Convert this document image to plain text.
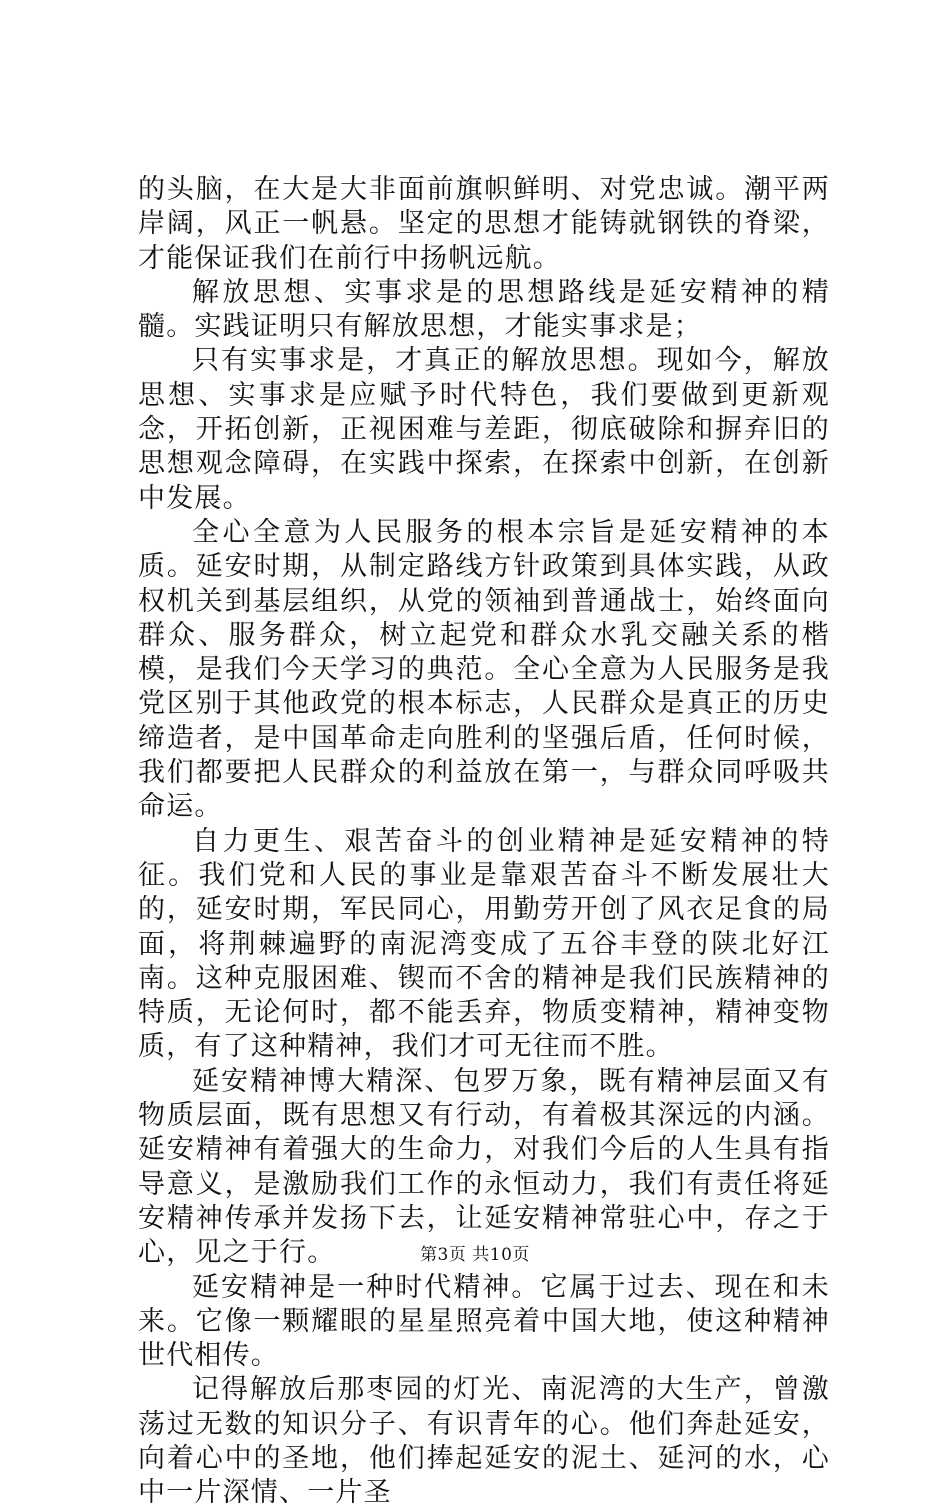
的头脑，在大是大非面前旗帜鲜明、对党忠诚。潮平两岸阔，风正一帆悬。坚定的思想才能铸就钢铁的脊梁，才能保证我们在前行中扬帆远航。

解放思想、实事求是的思想路线是延安精神的精髓。实践证明只有解放思想，才能实事求是；

只有实事求是，才真正的解放思想。现如今，解放思想、实事求是应赋予时代特色，我们要做到更新观念，开拓创新，正视困难与差距，彻底破除和摒弃旧的思想观念障碍，在实践中探索，在探索中创新，在创新中发展。

全心全意为人民服务的根本宗旨是延安精神的本质。延安时期，从制定路线方针政策到具体实践，从政权机关到基层组织，从党的领袖到普通战士，始终面向群众、服务群众，树立起党和群众水乳交融关系的楷模，是我们今天学习的典范。全心全意为人民服务是我党区别于其他政党的根本标志，人民群众是真正的历史缔造者，是中国革命走向胜利的坚强后盾，任何时候，我们都要把人民群众的利益放在第一，与群众同呼吸共命运。

自力更生、艰苦奋斗的创业精神是延安精神的特征。我们党和人民的事业是靠艰苦奋斗不断发展壮大的，延安时期，军民同心，用勤劳开创了风衣足食的局面，将荆棘遍野的南泥湾变成了五谷丰登的陕北好江南。这种克服困难、锲而不舍的精神是我们民族精神的特质，无论何时，都不能丢弃，物质变精神，精神变物质，有了这种精神，我们才可无往而不胜。

延安精神博大精深、包罗万象，既有精神层面又有物质层面，既有思想又有行动，有着极其深远的内涵。延安精神有着强大的生命力，对我们今后的人生具有指导意义，是激励我们工作的永恒动力，我们有责任将延安精神传承并发扬下去，让延安精神常驻心中，存之于心，见之于行。

延安精神是一种时代精神。它属于过去、现在和未来。它像一颗耀眼的星星照亮着中国大地，使这种精神世代相传。

记得解放后那枣园的灯光、南泥湾的大生产，曾激荡过无数的知识分子、有识青年的心。他们奔赴延安，向着心中的圣地，他们捧起延安的泥土、延河的水，心中一片深情、一片圣

第3页 共10页
